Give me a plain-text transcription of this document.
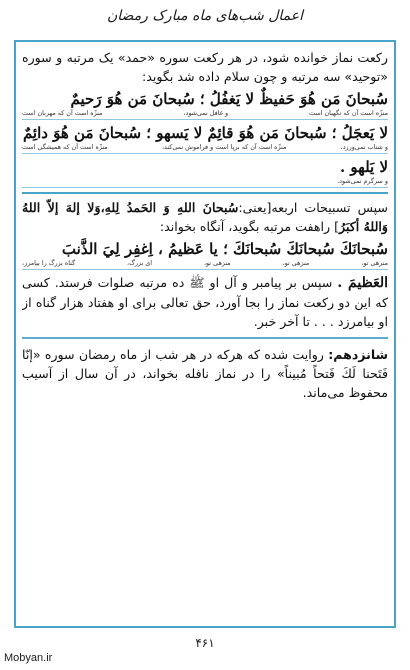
اعمال شب‌های ماه مبارک رمضان
رکعت نماز خوانده شود، در هر رکعت سوره «حمد» یک مرتبه و سوره «توحید» سه مرتبه و چون سلام داده شد بگوید:
سُبحانَ مَن هُوَ حَفيظٌ لا يَغفُلُ ؛ سُبحانَ مَن هُوَ رَحيمٌ
منزّه است آن که نگهبان است
و غافل نمی‌شود،
منزّه است آن که مهربان است
لا يَعجَلُ ؛ سُبحانَ مَن هُوَ قائِمٌ لا يَسهو ؛ سُبحانَ مَن هُوَ دائِمٌ
و شتاب نمی‌ورزد،
منزّه است آن که برپا است و فراموش نمی‌کند،
منزّه است آن که همیشگی است
لا يَلهو .
و سرگرم نمی‌شود.
سپس تسبیحات اربعه[یعنی:سُبحانَ اللهِ وَ الحَمدُ لِلهِ،وَلا إلهَ إلاّ اللهُ وَاللهُ أكبَرُ] راهفت مرتبه بگوید، آنگاه بخواند:
سُبحانَكَ سُبحانَكَ سُبحانَكَ ؛ يا عَظيمُ ، اِغفِر لِيَ الذَّنبَ
منزهی تو،
منزهی تو،
منزهی تو،
ای بزرگ،
گناه بزرگ را بیامرز،
العَظيمَ . سپس بر پیامبر و آل او ﷺ ده مرتبه صلوات فرستد. کسی که این دو رکعت نماز را بجا آورد، حق تعالی برای او هفتاد هزار گناه از او بیامرزد . . . تا آخر خبر.
شانزدهم: روایت شده که هرکه در هر شب از ماه رمضان سوره «إنّا فَتَحنا لَكَ فَتحاً مُبيناً» را در نماز نافله بخواند، در آن سال از آسیب محفوظ می‌ماند.
۴۶۱
Mobyan.ir
